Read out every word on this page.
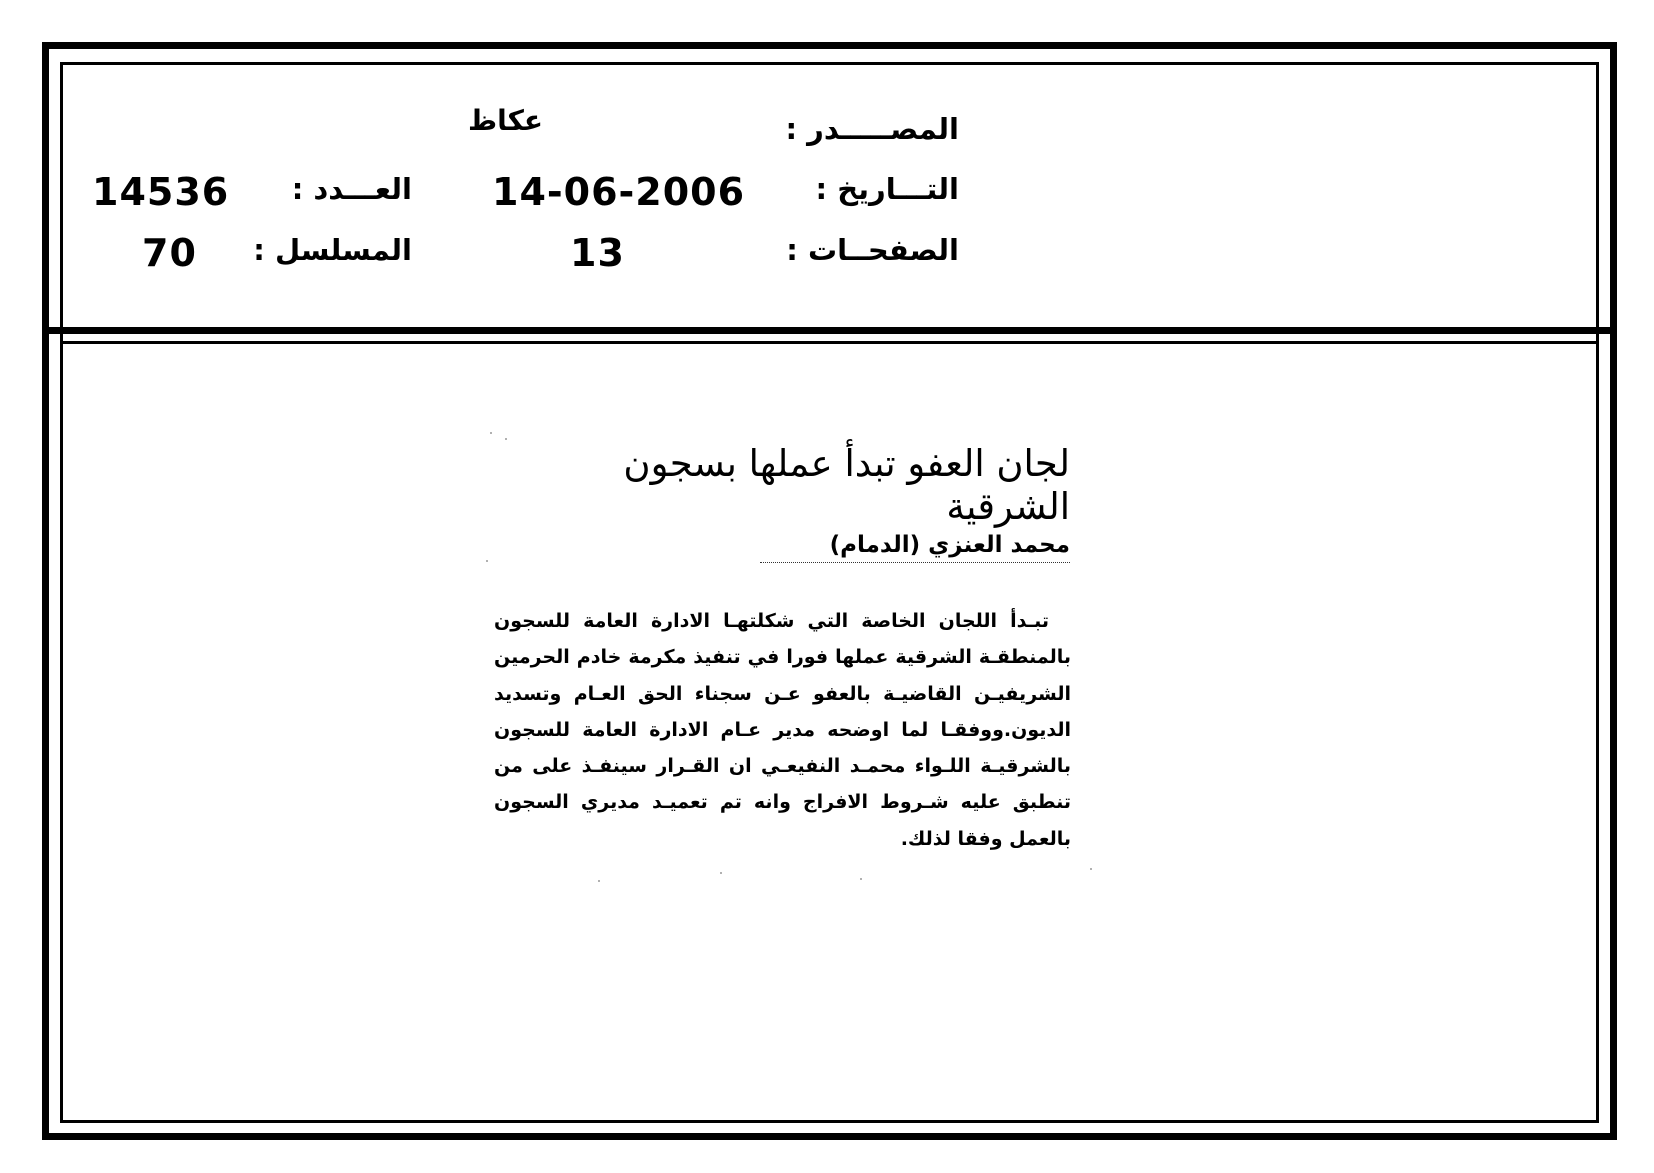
المصـــــدر :
التـــاريخ :
الصفحــات :
عكاظ
14-06-2006
13
العـــدد :
المسلسل :
14536
70
لجان العفو تبدأ عملها بسجون الشرقية
محمد العنزي (الدمام)
تبـدأ اللجان الخاصة التي شكلتهـا الادارة العامة للسجون بالمنطقـة الشرقية عملها فورا في تنفيذ مكرمة خادم الحرمين الشريفيـن القاضيـة بالعفو عـن سجناء الحق العـام وتسديد الديون.ووفقـا لما اوضحه مدير عـام الادارة العامة للسجون بالشرقيـة اللـواء محمـد النفيعـي ان القـرار سينفـذ على من تنطبق عليه شـروط الافراج وانه تم تعميـد مديري السجون بالعمل وفقا لذلك.
